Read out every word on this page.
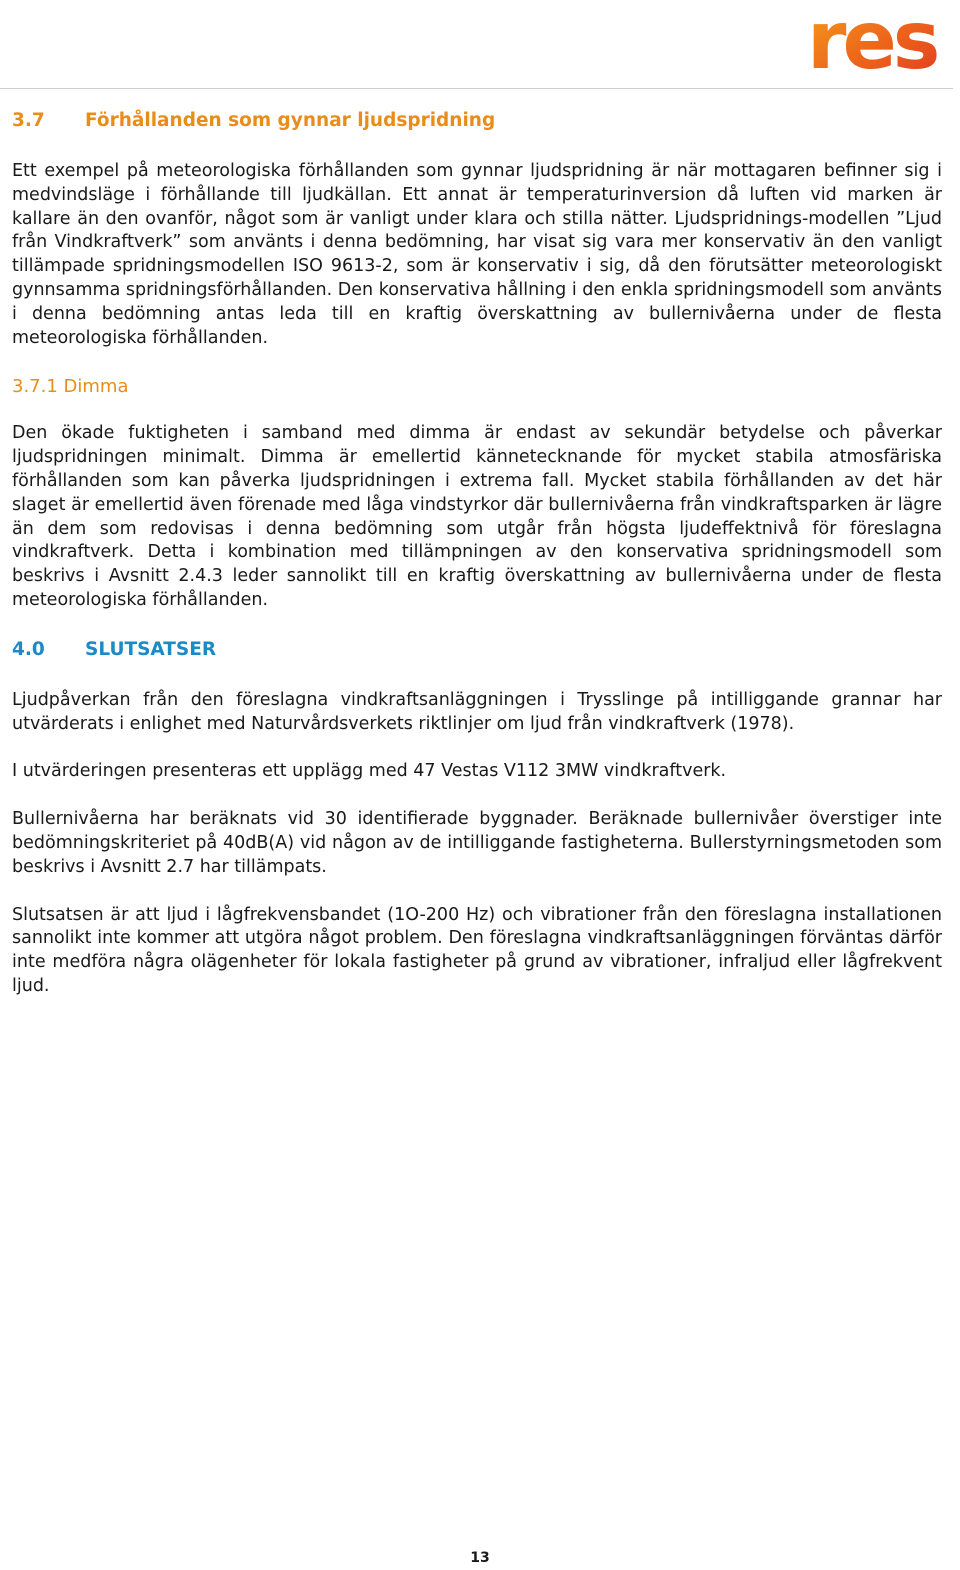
res
3.7 Förhållanden som gynnar ljudspridning

Ett exempel på meteorologiska förhållanden som gynnar ljudspridning är när mottagaren befinner sig i medvindsläge i förhållande till ljudkällan. Ett annat är temperaturinversion då luften vid marken är kallare än den ovanför, något som är vanligt under klara och stilla nätter. Ljudspridnings-modellen ”Ljud från Vindkraftverk” som använts i denna bedömning, har visat sig vara mer konservativ än den vanligt tillämpade spridningsmodellen ISO 9613-2, som är konservativ i sig, då den förutsätter meteorologiskt gynnsamma spridningsförhållanden. Den konservativa hållning i den enkla spridningsmodell som använts i denna bedömning antas leda till en kraftig överskattning av bullernivåerna under de flesta meteorologiska förhållanden.

3.7.1 Dimma

Den ökade fuktigheten i samband med dimma är endast av sekundär betydelse och påverkar ljudspridningen minimalt. Dimma är emellertid kännetecknande för mycket stabila atmosfäriska förhållanden som kan påverka ljudspridningen i extrema fall. Mycket stabila förhållanden av det här slaget är emellertid även förenade med låga vindstyrkor där bullernivåerna från vindkraftsparken är lägre än dem som redovisas i denna bedömning som utgår från högsta ljudeffektnivå för föreslagna vindkraftverk. Detta i kombination med tillämpningen av den konservativa spridningsmodell som beskrivs i Avsnitt 2.4.3 leder sannolikt till en kraftig överskattning av bullernivåerna under de flesta meteorologiska förhållanden.

4.0 SLUTSATSER

Ljudpåverkan från den föreslagna vindkraftsanläggningen i Trysslinge på intilliggande grannar har utvärderats i enlighet med Naturvårdsverkets riktlinjer om ljud från vindkraftverk (1978).

I utvärderingen presenteras ett upplägg med 47 Vestas V112 3MW vindkraftverk.

Bullernivåerna har beräknats vid 30 identifierade byggnader. Beräknade bullernivåer överstiger inte bedömningskriteriet på 40dB(A) vid någon av de intilliggande fastigheterna. Bullerstyrningsmetoden som beskrivs i Avsnitt 2.7 har tillämpats.

Slutsatsen är att ljud i lågfrekvensbandet (1O-200 Hz) och vibrationer från den föreslagna installationen sannolikt inte kommer att utgöra något problem. Den föreslagna vindkraftsanläggningen förväntas därför inte medföra några olägenheter för lokala fastigheter på grund av vibrationer, infraljud eller lågfrekvent ljud.

13
